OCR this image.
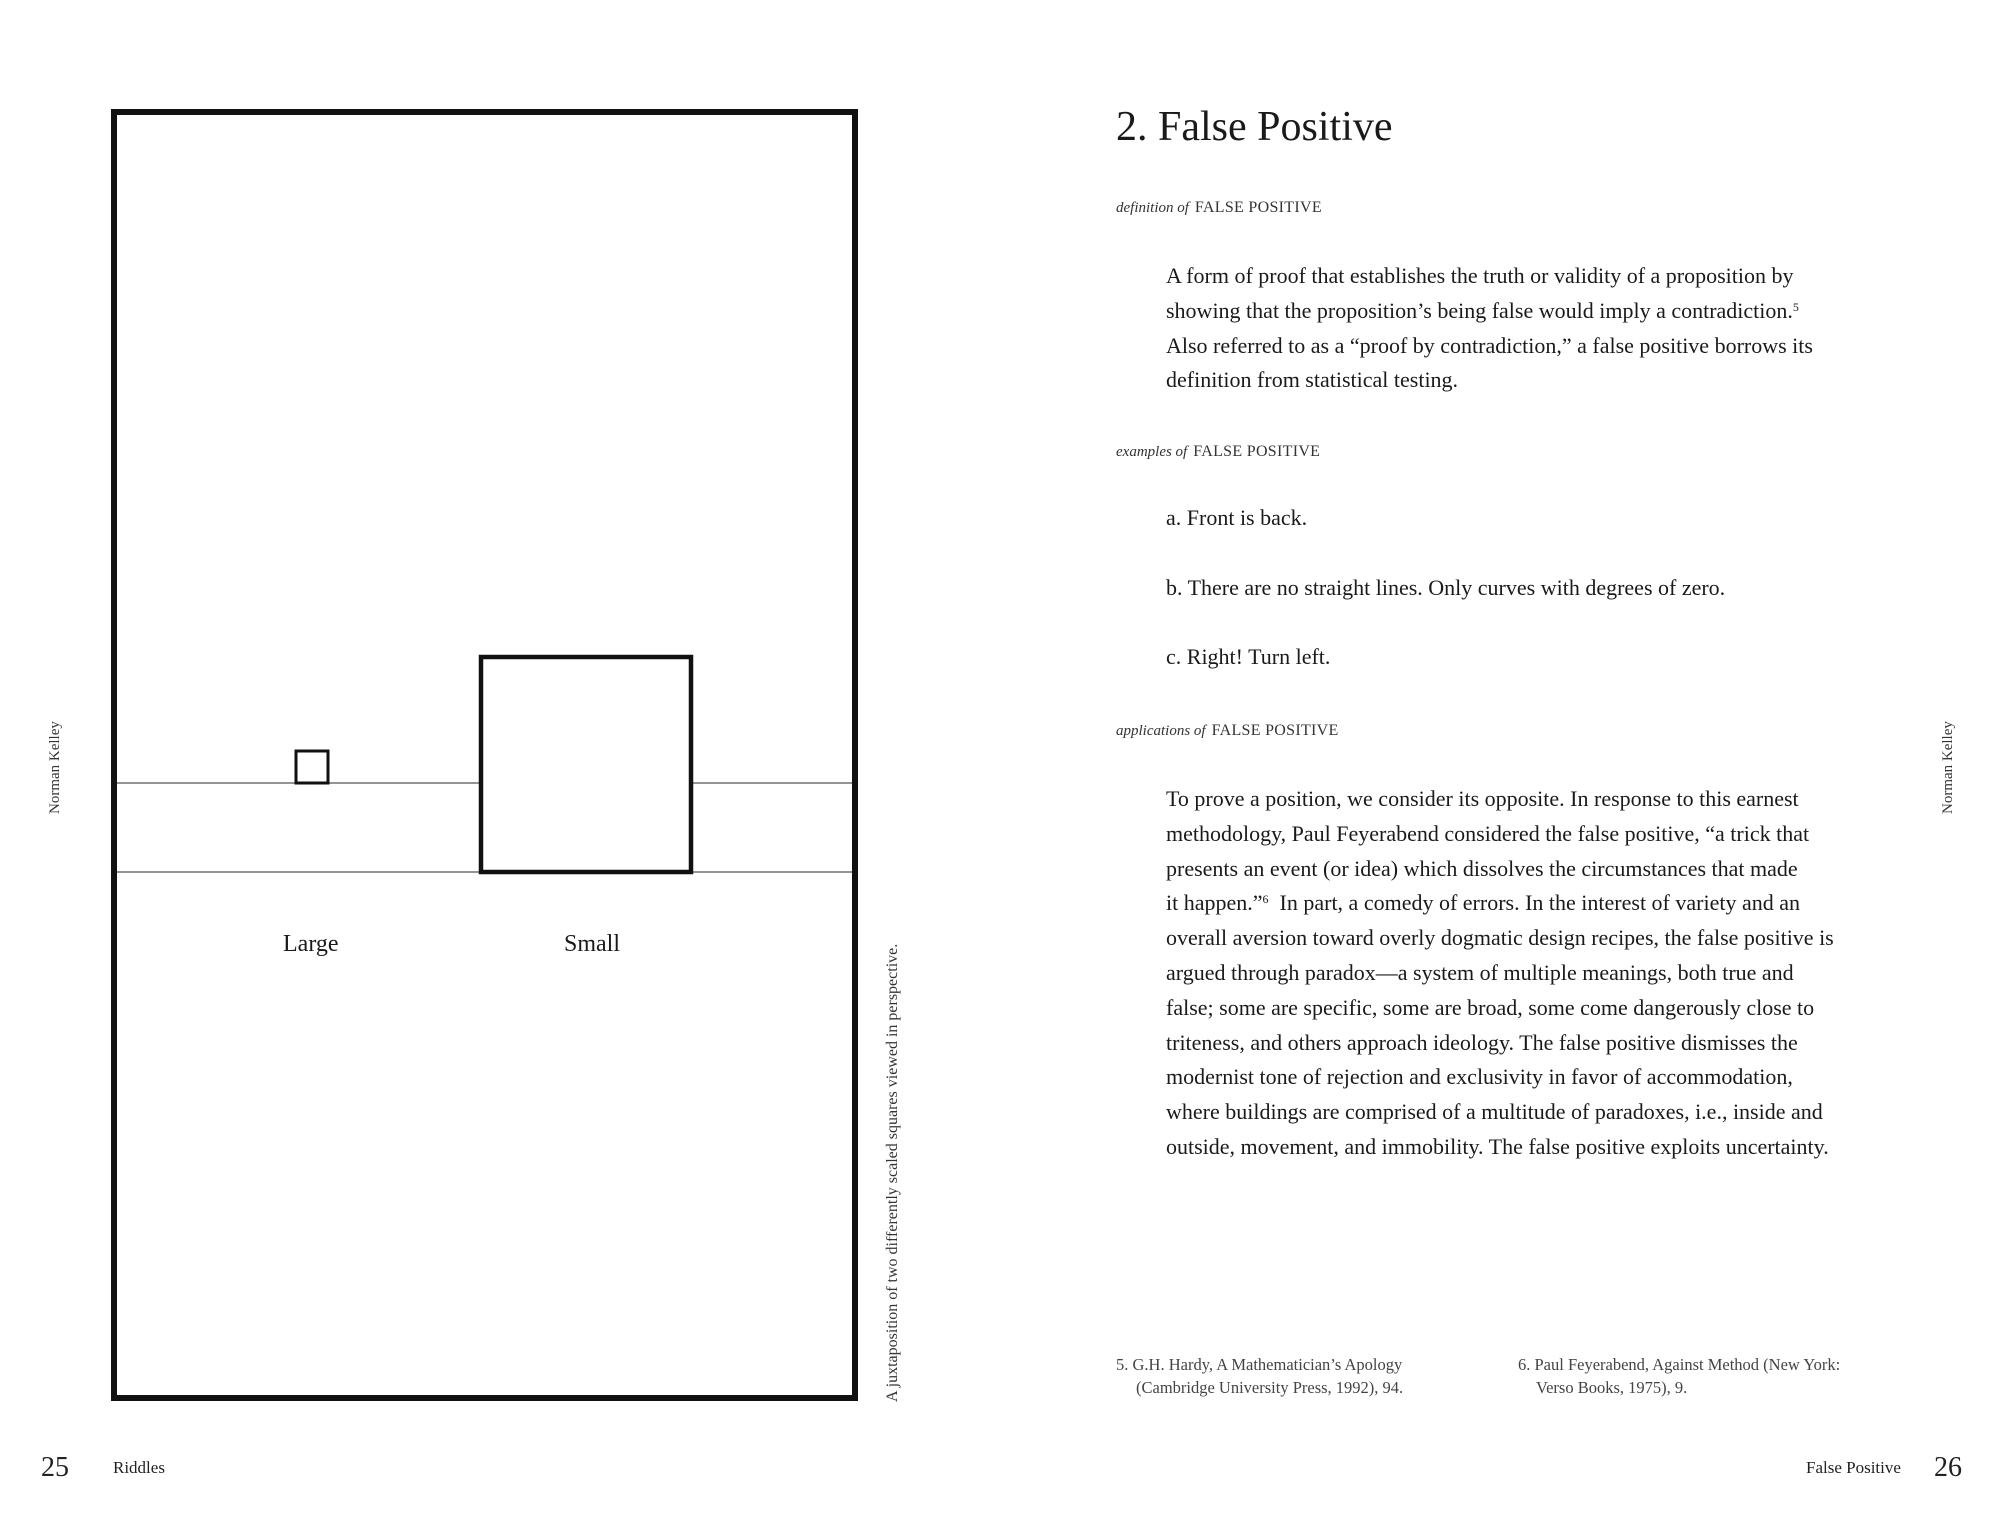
Norman Kelley
Large	Small	A juxtaposition of two differently scaled squares viewed in perspective.
25	Riddles
2. False Positive
definition of FALSE POSITIVE
A form of proof that establishes the truth or validity of a proposition by
showing that the proposition’s being false would imply a contradiction.$^5$
Also referred to as a “proof by contradiction,” a false positive borrows its
definition from statistical testing.
examples of FALSE POSITIVE
a. Front is back.
b. There are no straight lines. Only curves with degrees of zero.
c. Right! Turn left.
applications of FALSE POSITIVE
To prove a position, we consider its opposite. In response to this earnest
methodology, Paul Feyerabend considered the false positive, “a trick that
presents an event (or idea) which dissolves the circumstances that made
it happen.”$^6$  In part, a comedy of errors. In the interest of variety and an
overall aversion toward overly dogmatic design recipes, the false positive is
argued through paradox—a system of multiple meanings, both true and
false; some are specific, some are broad, some come dangerously close to
triteness, and others approach ideology. The false positive dismisses the
modernist tone of rejection and exclusivity in favor of accommodation,
where buildings are comprised of a multitude of paradoxes, i.e., inside and
outside, movement, and immobility. The false positive exploits uncertainty.
5. G.H. Hardy, A Mathematician’s Apology
(Cambridge University Press, 1992), 94.
6. Paul Feyerabend, Against Method (New York:
Verso Books, 1975), 9.
Norman Kelley
False Positive 26
